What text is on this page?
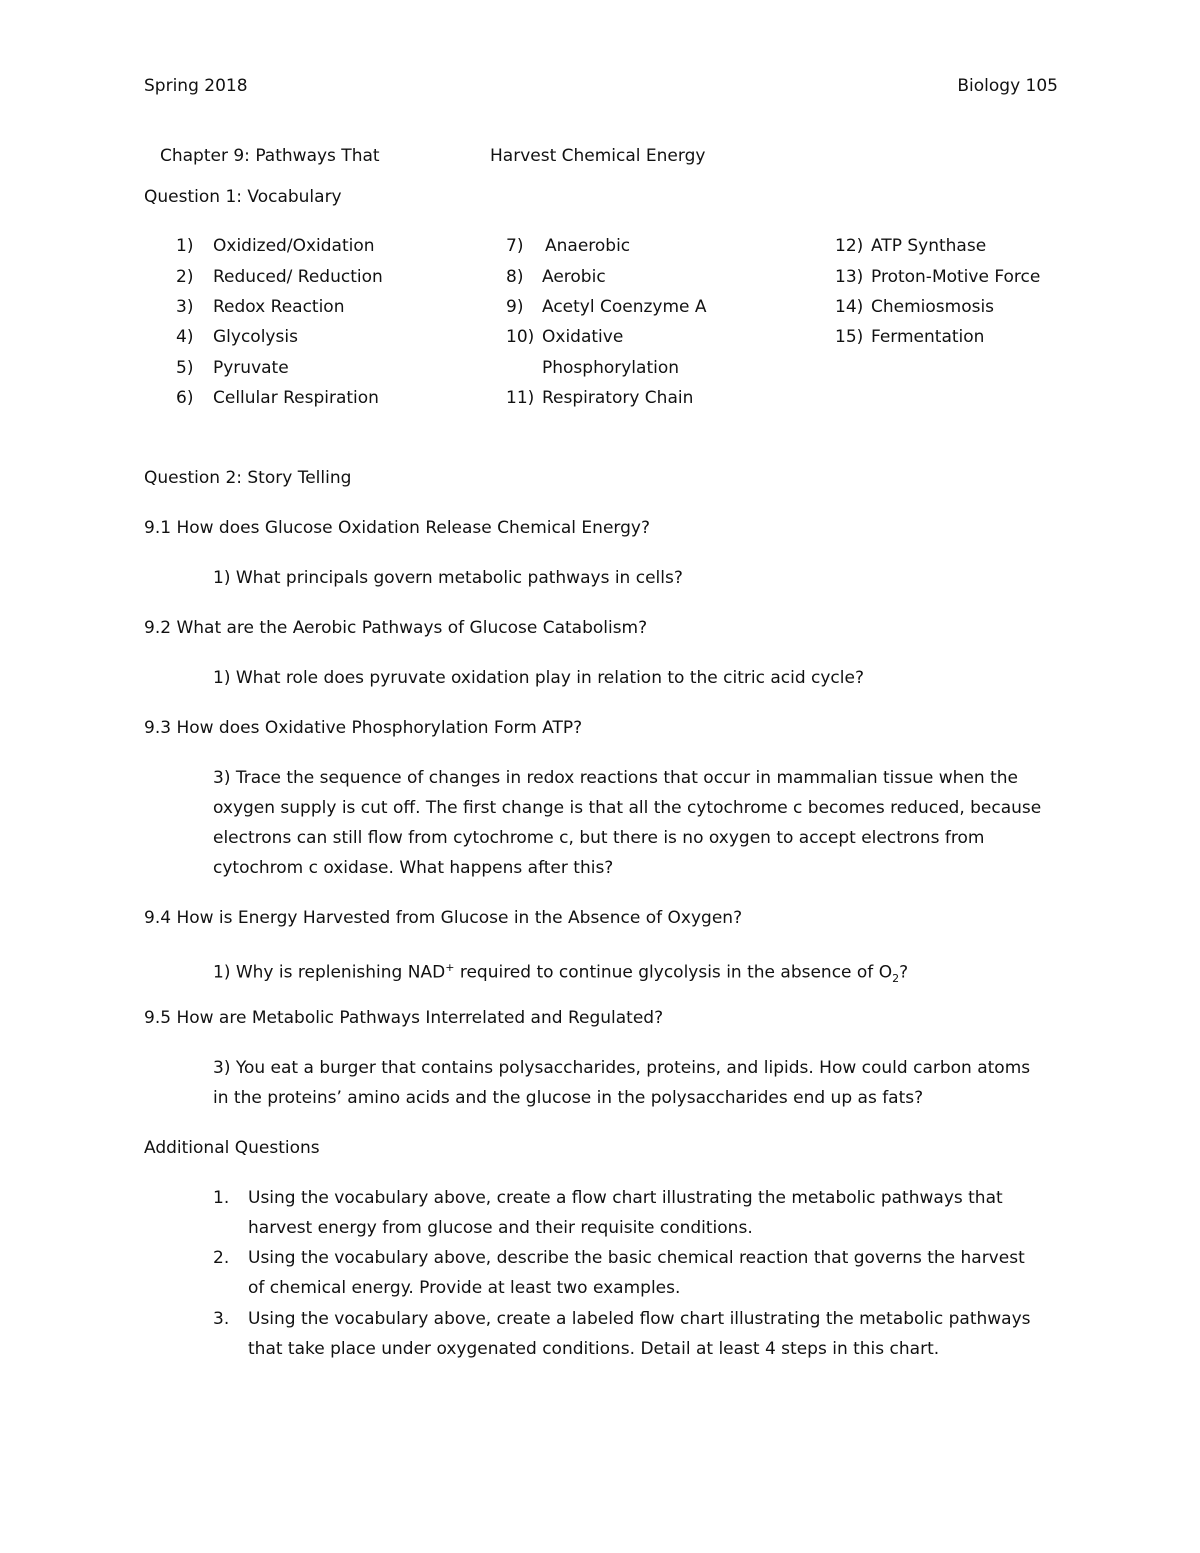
Spring 2018	Biology 105
Chapter 9: Pathways That	Harvest Chemical Energy
Question 1: Vocabulary
1) Oxidized/Oxidation
2) Reduced/ Reduction
3) Redox Reaction
4) Glycolysis
5) Pyruvate
6) Cellular Respiration
7) Anaerobic
8) Aerobic
9) Acetyl Coenzyme A
10) Oxidative
Phosphorylation
11) Respiratory Chain
12) ATP Synthase
13) Proton-Motive Force
14) Chemiosmosis
15) Fermentation
Question 2: Story Telling
9.1 How does Glucose Oxidation Release Chemical Energy?
1) What principals govern metabolic pathways in cells?
9.2 What are the Aerobic Pathways of Glucose Catabolism?
1) What role does pyruvate oxidation play in relation to the citric acid cycle?
9.3 How does Oxidative Phosphorylation Form ATP?
3) Trace the sequence of changes in redox reactions that occur in mammalian tissue when the
oxygen supply is cut off. The first change is that all the cytochrome c becomes reduced, because
electrons can still flow from cytochrome c, but there is no oxygen to accept electrons from
cytochrom c oxidase. What happens after this?
9.4 How is Energy Harvested from Glucose in the Absence of Oxygen?
1) Why is replenishing NAD+ required to continue glycolysis in the absence of $O_2$?
9.5 How are Metabolic Pathways Interrelated and Regulated?
3) You eat a burger that contains polysaccharides, proteins, and lipids. How could carbon atoms
in the proteins’ amino acids and the glucose in the polysaccharides end up as fats?
Additional Questions
1. Using the vocabulary above, create a flow chart illustrating the metabolic pathways that
harvest energy from glucose and their requisite conditions.
2. Using the vocabulary above, describe the basic chemical reaction that governs the harvest
of chemical energy. Provide at least two examples.
3. Using the vocabulary above, create a labeled flow chart illustrating the metabolic pathways
that take place under oxygenated conditions. Detail at least 4 steps in this chart.
